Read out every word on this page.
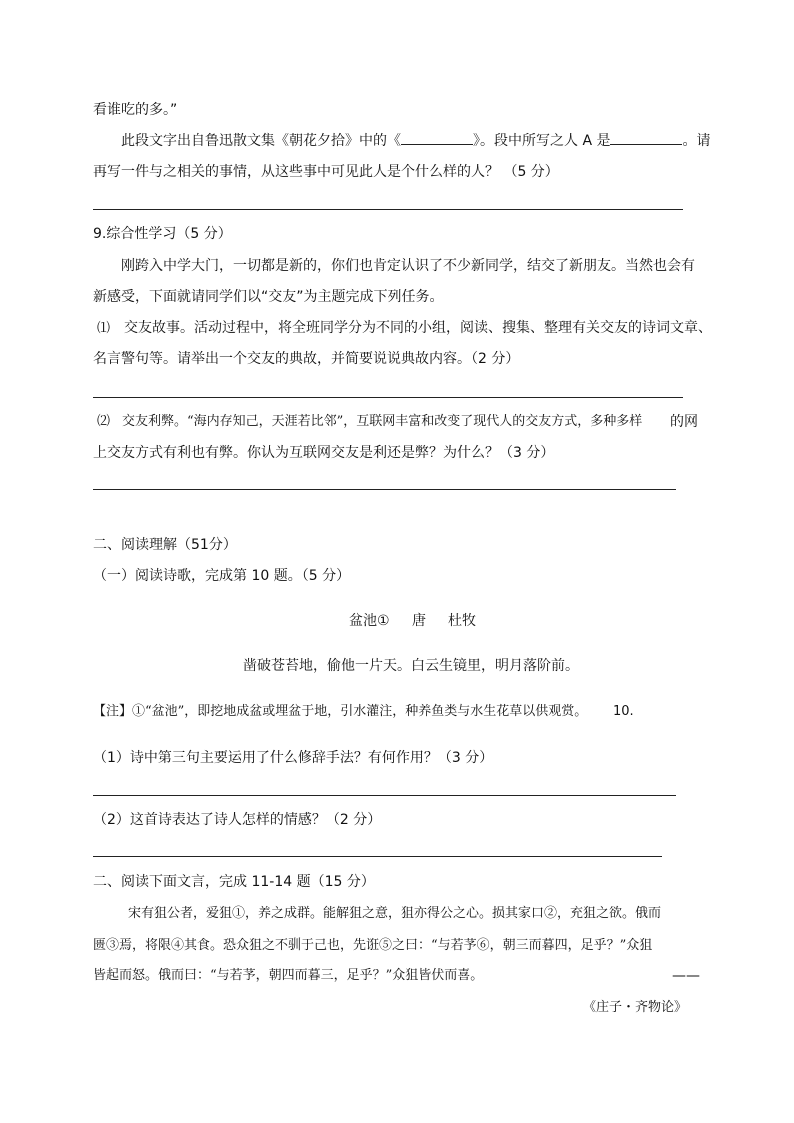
看谁吃的多。”
此段文字出自鲁迅散文集《朝花夕拾》中的《	》。段中所写之人 A 是	。请
再写一件与之相关的事情，从这些事中可见此人是个什么样的人？ （5 分）
9.综合性学习（5 分）
刚跨入中学大门，一切都是新的，你们也肯定认识了不少新同学，结交了新朋友。当然也会有
新感受，下面就请同学们以“交友”为主题完成下列任务。
⑴ 交友故事。活动过程中，将全班同学分为不同的小组，阅读、搜集、整理有关交友的诗词文章、
名言警句等。请举出一个交友的典故，并简要说说典故内容。（2 分）
⑵ 交友利弊。“海内存知己，天涯若比邻”，互联网丰富和改变了现代人的交友方式，多种多样 的网
上交友方式有利也有弊。你认为互联网交友是利还是弊？为什么？（3 分）
二、阅读理解（51分）
（一）阅读诗歌，完成第 10 题。（5 分）
盆池① 唐 杜牧
凿破苍苔地，偷他一片天。白云生镜里，明月落阶前。
【注】①“盆池”，即挖地成盆或埋盆于地，引水灌注，种养鱼类与水生花草以供观赏。 10.
（1）诗中第三句主要运用了什么修辞手法？有何作用？（3 分）
（2）这首诗表达了诗人怎样的情感？（2 分）
二、阅读下面文言，完成 11-14 题（15 分）
宋有狙公者，爱狙①，养之成群。能解狙之意，狙亦得公之心。损其家口②，充狙之欲。俄而
匮③焉，将限④其食。恐众狙之不驯于己也，先诳⑤之曰：“与若芧⑥，朝三而暮四，足乎？”众狙
皆起而怒。俄而曰：“与若芧，朝四而暮三，足乎？”众狙皆伏而喜。	——
《庄子・齐物论》
